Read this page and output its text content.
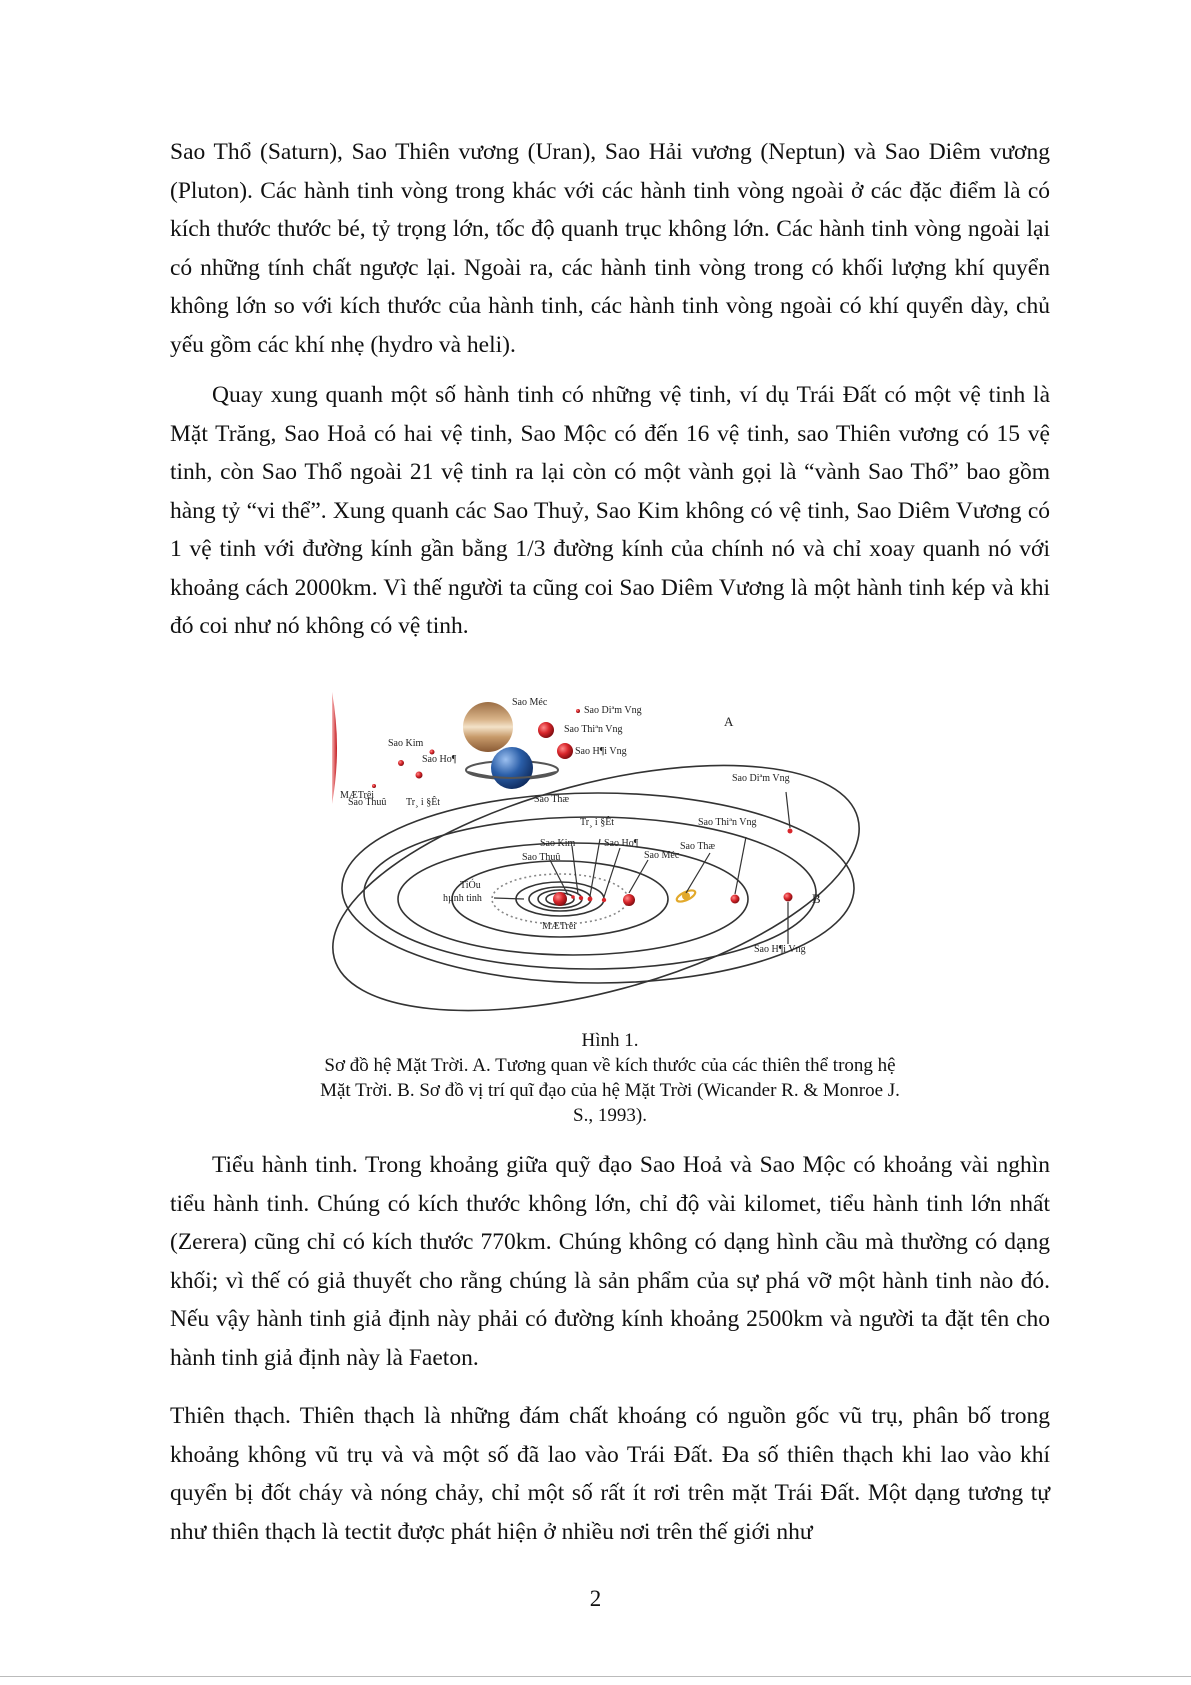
Sao Thổ (Saturn), Sao Thiên vương (Uran), Sao Hải vương (Neptun) và Sao Diêm vương (Pluton). Các hành tinh vòng trong khác với các hành tinh vòng ngoài ở các đặc điểm là có kích thước thước bé, tỷ trọng lớn, tốc độ quanh trục không lớn. Các hành tinh vòng ngoài lại có những tính chất ngược lại. Ngoài ra, các hành tinh vòng trong có khối lượng khí quyển không lớn so với kích thước của hành tinh, các hành tinh vòng ngoài có khí quyển dày, chủ yếu gồm các khí nhẹ (hydro và heli).

Quay xung quanh một số hành tinh có những vệ tinh, ví dụ Trái Đất có một vệ tinh là Mặt Trăng, Sao Hoả có hai vệ tinh, Sao Mộc có đến 16 vệ tinh, sao Thiên vương có 15 vệ tinh, còn Sao Thổ ngoài 21 vệ tinh ra lại còn có một vành gọi là “vành Sao Thổ” bao gồm hàng tỷ “vi thể”. Xung quanh các Sao Thuỷ, Sao Kim không có vệ tinh, Sao Diêm Vương có 1 vệ tinh với đường kính gần bằng 1/3 đường kính của chính nó và chỉ xoay quanh nó với khoảng cách 2000km. Vì thế người ta cũng coi Sao Diêm Vương là một hành tinh kép và khi đó coi như nó không có vệ tinh.

MÆTrêi
Sao Thuû
Sao Kim
Tr¸ i §Êt
Sao Ho¶
Sao Méc
Sao Thæ
Sao Thiªn Vng
Sao H¶i Vng
Sao Diªm Vng
A
Sao Thuû
Sao Kim
Tr¸ i §Êt
Sao Ho¶
Sao Méc
Sao Thæ
Sao Thiªn Vng
Sao Diªm Vng
Sao H¶i Vng
TiÓu
hµnh tinh
MÆTrêi
B
Hình 1.
Sơ đồ hệ Mặt Trời. A. Tương quan về kích thước của các thiên thể trong hệ
Mặt Trời. B. Sơ đồ vị trí quĩ đạo của hệ Mặt Trời (Wicander R. & Monroe J.
S., 1993).

Tiểu hành tinh. Trong khoảng giữa quỹ đạo Sao Hoả và Sao Mộc có khoảng vài nghìn tiểu hành tinh. Chúng có kích thước không lớn, chỉ độ vài kilomet, tiểu hành tinh lớn nhất (Zerera) cũng chỉ có kích thước 770km. Chúng không có dạng hình cầu mà thường có dạng khối; vì thế có giả thuyết cho rằng chúng là sản phẩm của sự phá vỡ một hành tinh nào đó. Nếu vậy hành tinh giả định này phải có đường kính khoảng 2500km và người ta đặt tên cho hành tinh giả định này là Faeton.

Thiên thạch. Thiên thạch là những đám chất khoáng có nguồn gốc vũ trụ, phân bố trong khoảng không vũ trụ và và một số đã lao vào Trái Đất. Đa số thiên thạch khi lao vào khí quyển bị đốt cháy và nóng chảy, chỉ một số rất ít rơi trên mặt Trái Đất. Một dạng tương tự như thiên thạch là tectit được phát hiện ở nhiều nơi trên thế giới như

2
